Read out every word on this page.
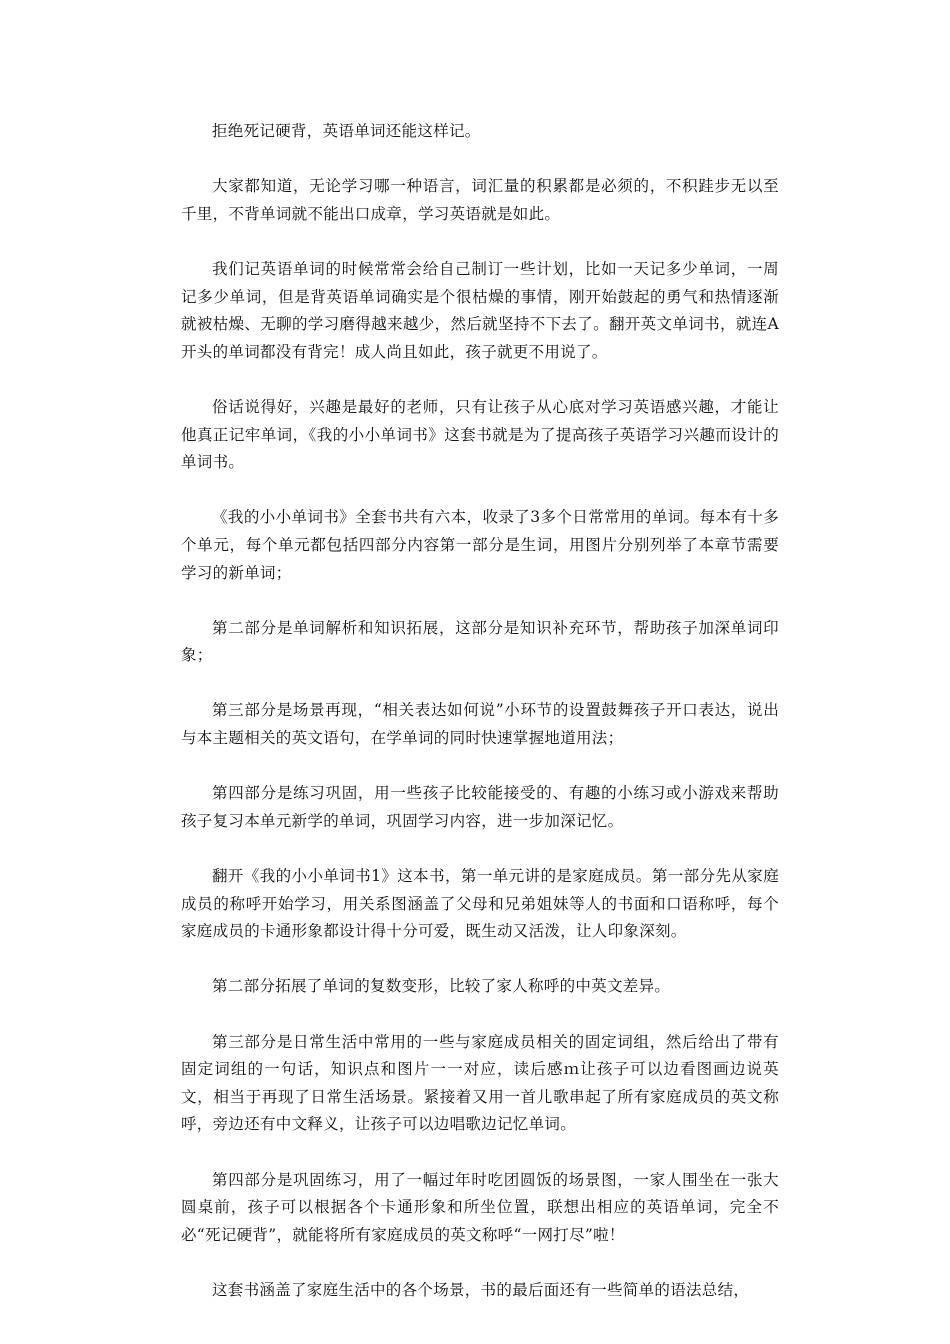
拒绝死记硬背，英语单词还能这样记。

大家都知道，无论学习哪一种语言，词汇量的积累都是必须的，不积跬步无以至千里，不背单词就不能出口成章，学习英语就是如此。

我们记英语单词的时候常常会给自己制订一些计划，比如一天记多少单词，一周记多少单词，但是背英语单词确实是个很枯燥的事情，刚开始鼓起的勇气和热情逐渐就被枯燥、无聊的学习磨得越来越少，然后就坚持不下去了。翻开英文单词书，就连A开头的单词都没有背完！成人尚且如此，孩子就更不用说了。

俗话说得好，兴趣是最好的老师，只有让孩子从心底对学习英语感兴趣，才能让他真正记牢单词，《我的小小单词书》这套书就是为了提高孩子英语学习兴趣而设计的单词书。

《我的小小单词书》全套书共有六本，收录了3多个日常常用的单词。每本有十多个单元，每个单元都包括四部分内容第一部分是生词，用图片分别列举了本章节需要学习的新单词；

第二部分是单词解析和知识拓展，这部分是知识补充环节，帮助孩子加深单词印象；

第三部分是场景再现，“相关表达如何说”小环节的设置鼓舞孩子开口表达，说出与本主题相关的英文语句，在学单词的同时快速掌握地道用法；

第四部分是练习巩固，用一些孩子比较能接受的、有趣的小练习或小游戏来帮助孩子复习本单元新学的单词，巩固学习内容，进一步加深记忆。

翻开《我的小小单词书1》这本书，第一单元讲的是家庭成员。第一部分先从家庭成员的称呼开始学习，用关系图涵盖了父母和兄弟姐妹等人的书面和口语称呼，每个家庭成员的卡通形象都设计得十分可爱，既生动又活泼，让人印象深刻。

第二部分拓展了单词的复数变形，比较了家人称呼的中英文差异。

第三部分是日常生活中常用的一些与家庭成员相关的固定词组，然后给出了带有固定词组的一句话，知识点和图片一一对应，读后感ｍ让孩子可以边看图画边说英文，相当于再现了日常生活场景。紧接着又用一首儿歌串起了所有家庭成员的英文称呼，旁边还有中文释义，让孩子可以边唱歌边记忆单词。

第四部分是巩固练习，用了一幅过年时吃团圆饭的场景图，一家人围坐在一张大圆桌前，孩子可以根据各个卡通形象和所坐位置，联想出相应的英语单词，完全不必“死记硬背”，就能将所有家庭成员的英文称呼“一网打尽”啦！

这套书涵盖了家庭生活中的各个场景，书的最后面还有一些简单的语法总结，
